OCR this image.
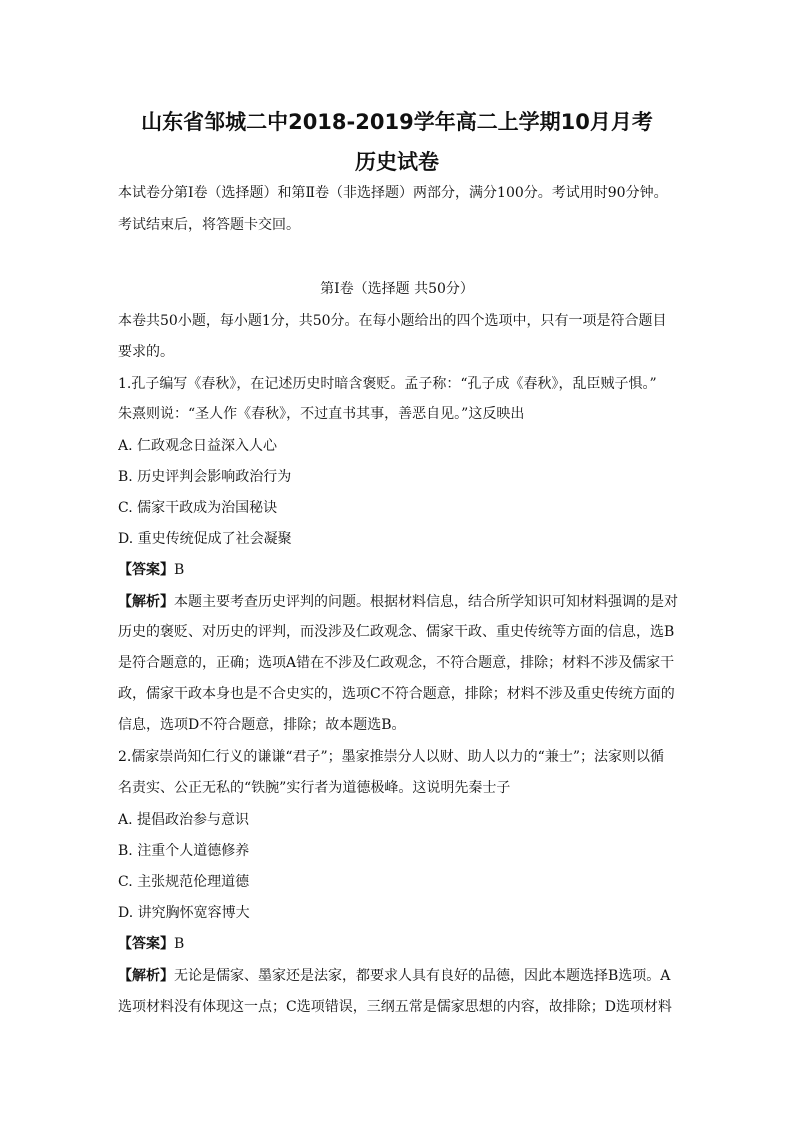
山东省邹城二中2018-2019学年高二上学期10月月考
历史试卷
本试卷分第Ⅰ卷（选择题）和第Ⅱ卷（非选择题）两部分，满分100分。考试用时90分钟。
考试结束后，将答题卡交回。
第Ⅰ卷（选择题 共50分）
本卷共50小题，每小题1分，共50分。在每小题给出的四个选项中，只有一项是符合题目
要求的。
1.孔子编写《春秋》，在记述历史时暗含褒贬。孟子称：“孔子成《春秋》，乱臣贼子惧。”
朱熹则说：“圣人作《春秋》，不过直书其事，善恶自见。”这反映出
A. 仁政观念日益深入人心
B. 历史评判会影响政治行为
C. 儒家干政成为治国秘诀
D. 重史传统促成了社会凝聚
【答案】B
【解析】本题主要考查历史评判的问题。根据材料信息，结合所学知识可知材料强调的是对
历史的褒贬、对历史的评判，而没涉及仁政观念、儒家干政、重史传统等方面的信息，选B
是符合题意的，正确；选项A错在不涉及仁政观念，不符合题意，排除；材料不涉及儒家干
政，儒家干政本身也是不合史实的，选项C不符合题意，排除；材料不涉及重史传统方面的
信息，选项D不符合题意，排除；故本题选B。
2.儒家崇尚知仁行义的谦谦“君子”；墨家推崇分人以财、助人以力的“兼士”；法家则以循
名责实、公正无私的“铁腕”实行者为道德极峰。这说明先秦士子
A. 提倡政治参与意识
B. 注重个人道德修养
C. 主张规范伦理道德
D. 讲究胸怀宽容博大
【答案】B
【解析】无论是儒家、墨家还是法家，都要求人具有良好的品德，因此本题选择B选项。A
选项材料没有体现这一点；C选项错误，三纲五常是儒家思想的内容，故排除；D选项材料
